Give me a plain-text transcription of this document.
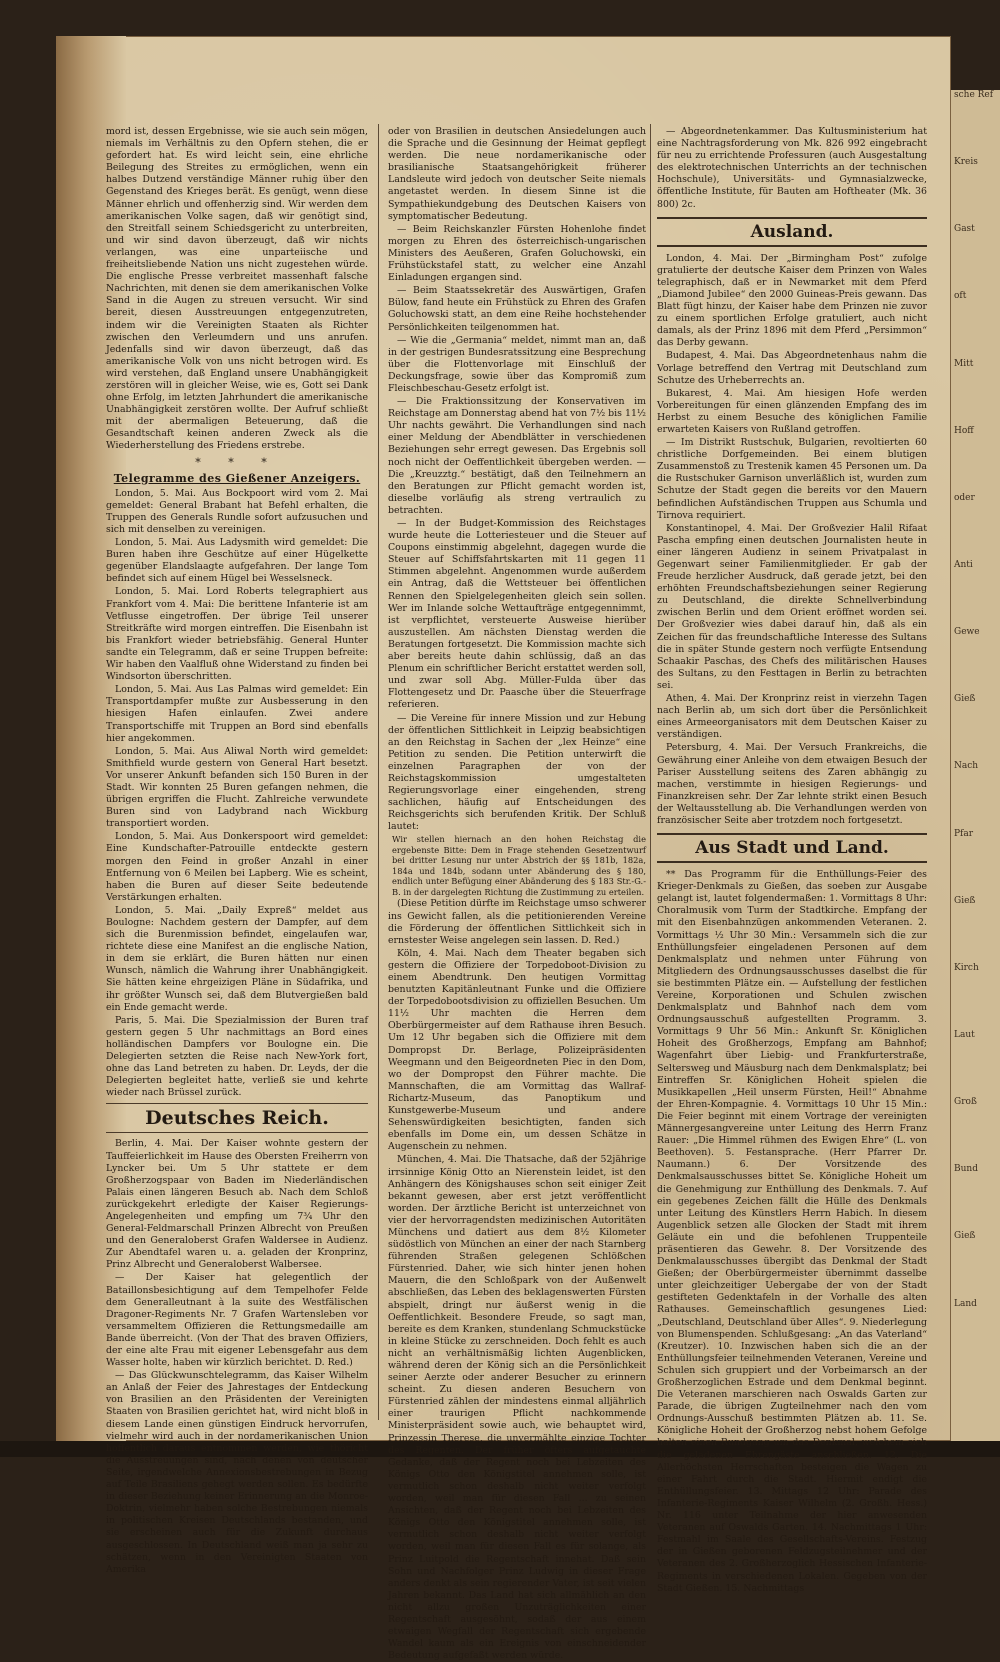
sche Ref
Kreis
Gast
oft
Mitt
Hoff
oder
Anti
Gewe
Gieß
Nach
Pfar
Gieß
Kirch
Laut
Groß
Bund
Gieß
Land

mord ist, dessen Ergebnisse, wie sie auch sein mögen, niemals im Verhältnis zu den Opfern stehen, die er gefordert hat. Es wird leicht sein, eine ehrliche Beilegung des Streites zu ermöglichen, wenn ein halbes Dutzend verständige Männer ruhig über den Gegenstand des Krieges berät. Es genügt, wenn diese Männer ehrlich und offenherzig sind. Wir werden dem amerikanischen Volke sagen, daß wir genötigt sind, den Streitfall seinem Schiedsgericht zu unterbreiten, und wir sind davon überzeugt, daß wir nichts verlangen, was eine unparteiische und freiheitsliebende Nation uns nicht zugestehen würde. Die englische Presse verbreitet massenhaft falsche Nachrichten, mit denen sie dem amerikanischen Volke Sand in die Augen zu streuen versucht. Wir sind bereit, diesen Ausstreuungen entgegenzutreten, indem wir die Vereinigten Staaten als Richter zwischen den Verleumdern und uns anrufen. Jedenfalls sind wir davon überzeugt, daß das amerikanische Volk von uns nicht betrogen wird. Es wird verstehen, daß England unsere Unabhängigkeit zerstören will in gleicher Weise, wie es, Gott sei Dank ohne Erfolg, im letzten Jahrhundert die amerikanische Unabhängigkeit zerstören wollte. Der Aufruf schließt mit der abermaligen Beteuerung, daß die Gesandtschaft keinen anderen Zweck als die Wiederherstellung des Friedens erstrebe.

* * *
Telegramme des Gießener Anzeigers.

London, 5. Mai. Aus Bockpoort wird vom 2. Mai gemeldet: General Brabant hat Befehl erhalten, die Truppen des Generals Rundle sofort aufzusuchen und sich mit denselben zu vereinigen.

London, 5. Mai. Aus Ladysmith wird gemeldet: Die Buren haben ihre Geschütze auf einer Hügelkette gegenüber Elandslaagte aufgefahren. Der lange Tom befindet sich auf einem Hügel bei Wesselsneck.

London, 5. Mai. Lord Roberts telegraphiert aus Frankfort vom 4. Mai: Die berittene Infanterie ist am Vetflusse eingetroffen. Der übrige Teil unserer Streitkräfte wird morgen eintreffen. Die Eisenbahn ist bis Frankfort wieder betriebsfähig. General Hunter sandte ein Telegramm, daß er seine Truppen befreite: Wir haben den Vaalfluß ohne Widerstand zu finden bei Windsorton überschritten.

London, 5. Mai. Aus Las Palmas wird gemeldet: Ein Transportdampfer mußte zur Ausbesserung in den hiesigen Hafen einlaufen. Zwei andere Transportschiffe mit Truppen an Bord sind ebenfalls hier angekommen.

London, 5. Mai. Aus Aliwal North wird gemeldet: Smithfield wurde gestern von General Hart besetzt. Vor unserer Ankunft befanden sich 150 Buren in der Stadt. Wir konnten 25 Buren gefangen nehmen, die übrigen ergriffen die Flucht. Zahlreiche verwundete Buren sind von Ladybrand nach Wickburg transportiert worden.

London, 5. Mai. Aus Donkerspoort wird gemeldet: Eine Kundschafter-Patrouille entdeckte gestern morgen den Feind in großer Anzahl in einer Entfernung von 6 Meilen bei Lapberg. Wie es scheint, haben die Buren auf dieser Seite bedeutende Verstärkungen erhalten.

London, 5. Mai. „Daily Expreß“ meldet aus Boulogne: Nachdem gestern der Dampfer, auf dem sich die Burenmission befindet, eingelaufen war, richtete diese eine Manifest an die englische Nation, in dem sie erklärt, die Buren hätten nur einen Wunsch, nämlich die Wahrung ihrer Unabhängigkeit. Sie hätten keine ehrgeizigen Pläne in Südafrika, und ihr größter Wunsch sei, daß dem Blutvergießen bald ein Ende gemacht werde.

Paris, 5. Mai. Die Spezialmission der Buren traf gestern gegen 5 Uhr nachmittags an Bord eines holländischen Dampfers vor Boulogne ein. Die Delegierten setzten die Reise nach New-York fort, ohne das Land betreten zu haben. Dr. Leyds, der die Delegierten begleitet hatte, verließ sie und kehrte wieder nach Brüssel zurück.

Deutsches Reich.

Berlin, 4. Mai. Der Kaiser wohnte gestern der Tauffeierlichkeit im Hause des Obersten Freiherrn von Lyncker bei. Um 5 Uhr stattete er dem Großherzogspaar von Baden im Niederländischen Palais einen längeren Besuch ab. Nach dem Schloß zurückgekehrt erledigte der Kaiser Regierungs-Angelegenheiten und empfing um 7¾ Uhr den General-Feldmarschall Prinzen Albrecht von Preußen und den Generaloberst Grafen Waldersee in Audienz. Zur Abendtafel waren u. a. geladen der Kronprinz, Prinz Albrecht und Generaloberst Walbersee.

— Der Kaiser hat gelegentlich der Bataillonsbesichtigung auf dem Tempelhofer Felde dem Generalleutnant à la suite des Westfälischen Dragoner-Regiments Nr. 7 Grafen Wartensleben vor versammeltem Offizieren die Rettungsmedaille am Bande überreicht. (Von der That des braven Offiziers, der eine alte Frau mit eigener Lebensgefahr aus dem Wasser holte, haben wir kürzlich berichtet. D. Red.)

— Das Glückwunschtelegramm, das Kaiser Wilhelm an Anlaß der Feier des Jahrestages der Entdeckung von Brasilien an den Präsidenten der Vereinigten Staaten von Brasilien gerichtet hat, wird nicht bloß in diesem Lande einen günstigen Eindruck hervorrufen, vielmehr wird auch in der nordamerikanischen Union hoffentlich daraus entnommen werden, wie thöricht die Ausstreuungen sind, nach denen von deutscher Seite, irgendwelche Annexionsbestrebungen in Bezug auf Teile Brasiliens gehegt werden sollen. Es bedürfte in dieser Beziehung keiner Erinnerung an die Monroe-Doktrin, vielmehr haben solche Bestrebungen niemals in politischen Kreisen Deutschlands bestanden, und sie erscheinen auch für die Zukunft durchaus ausgeschlossen. In Deutschland weiß man ja sehr zu schätzen, wenn in den Vereinigten Staaten von Amerika

oder von Brasilien in deutschen Ansiedelungen auch die Sprache und die Gesinnung der Heimat gepflegt werden. Die neue nordamerikanische oder brasilianische Staatsangehörigkeit früherer Landsleute wird jedoch von deutscher Seite niemals angetastet werden. In diesem Sinne ist die Sympathiekundgebung des Deutschen Kaisers von symptomatischer Bedeutung.

— Beim Reichskanzler Fürsten Hohenlohe findet morgen zu Ehren des österreichisch-ungarischen Ministers des Aeußeren, Grafen Goluchowski, ein Frühstückstafel statt, zu welcher eine Anzahl Einladungen ergangen sind.

— Beim Staatssekretär des Auswärtigen, Grafen Bülow, fand heute ein Frühstück zu Ehren des Grafen Goluchowski statt, an dem eine Reihe hochstehender Persönlichkeiten teilgenommen hat.

— Wie die „Germania“ meldet, nimmt man an, daß in der gestrigen Bundesratssitzung eine Besprechung über die Flottenvorlage mit Einschluß der Deckungsfrage, sowie über das Kompromiß zum Fleischbeschau-Gesetz erfolgt ist.

— Die Fraktionssitzung der Konservativen im Reichstage am Donnerstag abend hat von 7½ bis 11½ Uhr nachts gewährt. Die Verhandlungen sind nach einer Meldung der Abendblätter in verschiedenen Beziehungen sehr erregt gewesen. Das Ergebnis soll noch nicht der Oeffentlichkeit übergeben werden. — Die „Kreuzztg.“ bestätigt, daß den Teilnehmern an den Beratungen zur Pflicht gemacht worden ist, dieselbe vorläufig als streng vertraulich zu betrachten.

— In der Budget-Kommission des Reichstages wurde heute die Lotteriesteuer und die Steuer auf Coupons einstimmig abgelehnt, dagegen wurde die Steuer auf Schiffsfahrtskarten mit 11 gegen 11 Stimmen abgelehnt. Angenommen wurde außerdem ein Antrag, daß die Wettsteuer bei öffentlichen Rennen den Spielgelegenheiten gleich sein sollen. Wer im Inlande solche Wettaufträge entgegennimmt, ist verpflichtet, versteuerte Ausweise hierüber auszustellen. Am nächsten Dienstag werden die Beratungen fortgesetzt. Die Kommission machte sich aber bereits heute dahin schlüssig, daß an das Plenum ein schriftlicher Bericht erstattet werden soll, und zwar soll Abg. Müller-Fulda über das Flottengesetz und Dr. Paasche über die Steuerfrage referieren.

— Die Vereine für innere Mission und zur Hebung der öffentlichen Sittlichkeit in Leipzig beabsichtigen an den Reichstag in Sachen der „lex Heinze“ eine Petition zu senden. Die Petition unterwirft die einzelnen Paragraphen der von der Reichstagskommission umgestalteten Regierungsvorlage einer eingehenden, streng sachlichen, häufig auf Entscheidungen des Reichsgerichts sich berufenden Kritik. Der Schluß lautet:

Wir stellen hiernach an den hohen Reichstag die ergebenste Bitte: Dem in Frage stehenden Gesetzentwurf bei dritter Lesung nur unter Abstrich der §§ 181b, 182a, 184a und 184b, sodann unter Abänderung des § 180, endlich unter Befügung einer Abänderung des § 183 Str.-G.-B. in der dargelegten Richtung die Zustimmung zu erteilen.

(Diese Petition dürfte im Reichstage umso schwerer ins Gewicht fallen, als die petitionierenden Vereine die Förderung der öffentlichen Sittlichkeit sich in ernstester Weise angelegen sein lassen. D. Red.)

Köln, 4. Mai. Nach dem Theater begaben sich gestern die Offiziere der Torpedoboot-Division zu einem Abendtrunk. Den heutigen Vormittag benutzten Kapitänleutnant Funke und die Offiziere der Torpedobootsdivision zu offiziellen Besuchen. Um 11½ Uhr machten die Herren dem Oberbürgermeister auf dem Rathause ihren Besuch. Um 12 Uhr begaben sich die Offiziere mit dem Dompropst Dr. Berlage, Polizeipräsidenten Weegmann und den Beigeordneten Piec in den Dom, wo der Dompropst den Führer machte. Die Mannschaften, die am Vormittag das Wallraf-Richartz-Museum, das Panoptikum und Kunstgewerbe-Museum und andere Sehenswürdigkeiten besichtigten, fanden sich ebenfalls im Dome ein, um dessen Schätze in Augenschein zu nehmen.

München, 4. Mai. Die Thatsache, daß der 52jährige irrsinnige König Otto an Nierenstein leidet, ist den Anhängern des Königshauses schon seit einiger Zeit bekannt gewesen, aber erst jetzt veröffentlicht worden. Der ärztliche Bericht ist unterzeichnet von vier der hervorragendsten medizinischen Autoritäten Münchens und datiert aus dem 8½ Kilometer südöstlich von München an einer der nach Starnberg führenden Straßen gelegenen Schlößchen Fürstenried. Daher, wie sich hinter jenen hohen Mauern, die den Schloßpark von der Außenwelt abschließen, das Leben des beklagenswerten Fürsten abspielt, dringt nur äußerst wenig in die Oeffentlichkeit. Besondere Freude, so sagt man, bereite es dem Kranken, stundenlang Schmuckstücke in kleine Stücke zu zerschneiden. Doch fehlt es auch nicht an verhältnismäßig lichten Augenblicken, während deren der König sich an die Persönlichkeit seiner Aerzte oder anderer Besucher zu erinnern scheint. Zu diesen anderen Besuchern von Fürstenried zählen der mindestens einmal alljährlich einer traurigen Pflicht nachkommende Ministerpräsident sowie auch, wie behauptet wird, Prinzessin Therese, die unvermählte einzige Tochter des Regenten. Der früher öfters aufgetauchte Gedanke, daß der Regent noch bei Lebzeiten des Königs Otto den Königstitel annehmen solle, ist vermutlich schon deshalb nicht weiter verfolgt worden, weil man für diesen Fall ... zu seinen Ansichten, daß der Regent noch bei Lebzeiten des Königs Otto den Königstitel annehmen solle, ist vermutlich schon deshalb nicht weiter verfolgt worden, weil man für diesen Fall es für solange, als Prinz Luitpold die Regentschaft innehat. Daß sein Sohn und Nachfolger Prinz Ludwig in dieser Frage anders denkt als sein regierender Vater, ist seit vielen Jahren bekannt. Das Land hat sich allmählich an den nicht allzu großen Unzuträglichkeiten einer Regentschaft ausgesöhnt, sodaß der aus einem etwaigen Wegfall der Regentschaft sich ergebende Wandel kaum als ein Ereignis von einschneidender Bedeutung aufgefaßt werden würde.

— Abgeordnetenkammer. Das Kultusministerium hat eine Nachtragsforderung von Mk. 826 992 eingebracht für neu zu errichtende Professuren (auch Ausgestaltung des elektrotechnischen Unterrichts an der technischen Hochschule), Universitäts- und Gymnasialzwecke, öffentliche Institute, für Bauten am Hoftheater (Mk. 36 800) 2c.

Ausland.

London, 4. Mai. Der „Birmingham Post“ zufolge gratulierte der deutsche Kaiser dem Prinzen von Wales telegraphisch, daß er in Newmarket mit dem Pferd „Diamond Jubilee“ den 2000 Guineas-Preis gewann. Das Blatt fügt hinzu, der Kaiser habe dem Prinzen nie zuvor zu einem sportlichen Erfolge gratuliert, auch nicht damals, als der Prinz 1896 mit dem Pferd „Persimmon“ das Derby gewann.

Budapest, 4. Mai. Das Abgeordnetenhaus nahm die Vorlage betreffend den Vertrag mit Deutschland zum Schutze des Urheberrechts an.

Bukarest, 4. Mai. Am hiesigen Hofe werden Vorbereitungen für einen glänzenden Empfang des im Herbst zu einem Besuche des königlichen Familie erwarteten Kaisers von Rußland getroffen.

— Im Distrikt Rustschuk, Bulgarien, revoltierten 60 christliche Dorfgemeinden. Bei einem blutigen Zusammenstoß zu Trestenik kamen 45 Personen um. Da die Rustschuker Garnison unverläßlich ist, wurden zum Schutze der Stadt gegen die bereits vor den Mauern befindlichen Aufständischen Truppen aus Schumla und Tirnova requiriert.

Konstantinopel, 4. Mai. Der Großvezier Halil Rifaat Pascha empfing einen deutschen Journalisten heute in einer längeren Audienz in seinem Privatpalast in Gegenwart seiner Familienmitglieder. Er gab der Freude herzlicher Ausdruck, daß gerade jetzt, bei den erhöhten Freundschaftsbeziehungen seiner Regierung zu Deutschland, die direkte Schnellverbindung zwischen Berlin und dem Orient eröffnet worden sei. Der Großvezier wies dabei darauf hin, daß als ein Zeichen für das freundschaftliche Interesse des Sultans die in später Stunde gestern noch verfügte Entsendung Schaakir Paschas, des Chefs des militärischen Hauses des Sultans, zu den Festtagen in Berlin zu betrachten sei.

Athen, 4. Mai. Der Kronprinz reist in vierzehn Tagen nach Berlin ab, um sich dort über die Persönlichkeit eines Armeeorganisators mit dem Deutschen Kaiser zu verständigen.

Petersburg, 4. Mai. Der Versuch Frankreichs, die Gewährung einer Anleihe von dem etwaigen Besuch der Pariser Ausstellung seitens des Zaren abhängig zu machen, verstimmte in hiesigen Regierungs- und Finanzkreisen sehr. Der Zar lehnte strikt einen Besuch der Weltausstellung ab. Die Verhandlungen werden von französischer Seite aber trotzdem noch fortgesetzt.

Aus Stadt und Land.

** Das Programm für die Enthüllungs-Feier des Krieger-Denkmals zu Gießen, das soeben zur Ausgabe gelangt ist, lautet folgendermaßen: 1. Vormittags 8 Uhr: Choralmusik vom Turm der Stadtkirche. Empfang der mit den Eisenbahnzügen ankommenden Veteranen. 2. Vormittags ½ Uhr 30 Min.: Versammeln sich die zur Enthüllungsfeier eingeladenen Personen auf dem Denkmalsplatz und nehmen unter Führung von Mitgliedern des Ordnungsausschusses daselbst die für sie bestimmten Plätze ein. — Aufstellung der festlichen Vereine, Korporationen und Schulen zwischen Denkmalsplatz und Bahnhof nach dem vom Ordnungsausschuß aufgestellten Programm. 3. Vormittags 9 Uhr 56 Min.: Ankunft Sr. Königlichen Hoheit des Großherzogs, Empfang am Bahnhof; Wagenfahrt über Liebig- und Frankfurterstraße, Seltersweg und Mäusburg nach dem Denkmalsplatz; bei Eintreffen Sr. Königlichen Hoheit spielen die Musikkapellen „Heil unserm Fürsten, Heil!“ Abnahme der Ehren-Kompagnie. 4. Vormittags 10 Uhr 15 Min.: Die Feier beginnt mit einem Vortrage der vereinigten Männergesangvereine unter Leitung des Herrn Franz Rauer: „Die Himmel rühmen des Ewigen Ehre“ (L. von Beethoven). 5. Festansprache. (Herr Pfarrer Dr. Naumann.) 6. Der Vorsitzende des Denkmalsausschusses bittet Se. Königliche Hoheit um die Genehmigung zur Enthüllung des Denkmals. 7. Auf ein gegebenes Zeichen fällt die Hülle des Denkmals unter Leitung des Künstlers Herrn Habich. In diesem Augenblick setzen alle Glocken der Stadt mit ihrem Geläute ein und die befohlenen Truppenteile präsentieren das Gewehr. 8. Der Vorsitzende des Denkmalausschusses übergibt das Denkmal der Stadt Gießen; der Oberbürgermeister übernimmt dasselbe unter gleichzeitiger Uebergabe der von der Stadt gestifteten Gedenktafeln in der Vorhalle des alten Rathauses. Gemeinschaftlich gesungenes Lied: „Deutschland, Deutschland über Alles“. 9. Niederlegung von Blumenspenden. Schlußgesang: „An das Vaterland“ (Kreutzer). 10. Inzwischen haben sich die an der Enthüllungsfeier teilnehmenden Veteranen, Vereine und Schulen sich gruppiert und der Vorbeimarsch an der Großherzoglichen Estrade und dem Denkmal beginnt. Die Veteranen marschieren nach Oswalds Garten zur Parade, die übrigen Zugteilnehmer nach den vom Ordnungs-Ausschuß bestimmten Plätzen ab. 11. Se. Königliche Hoheit der Großherzog nebst hohem Gefolge halten einen Rundgang um das Denkmal, welchem sich die geladenen Ehrengäste anschließen. 12. Die Allerhöchsten Herrschaften besteigen die Wagen zu einer Fahrt durch die Stadt. Hiermit endigt die Enthüllungsfeier. 13. Mittags 12 Uhr: Parade des Infanterie-Regiments Kaiser Wilhelm (2. Großh. Hess.) Nr. 116 unter Teilnahme der hier anwesenden Veteranen auf Oswalds Garten. 14. Nachmittags 1 Uhr: Festmahl im Saale des Gesellschafts-Vereins. Festzug der in Gießen geborenen Feldzugsteilnehmer und der Veteranen des 2. Großherzoglich Hessischen Infanterie-Regiments in verschiedenen Lokalen. Gegeben von der Stadt Gießen. 15. Nachmittags
